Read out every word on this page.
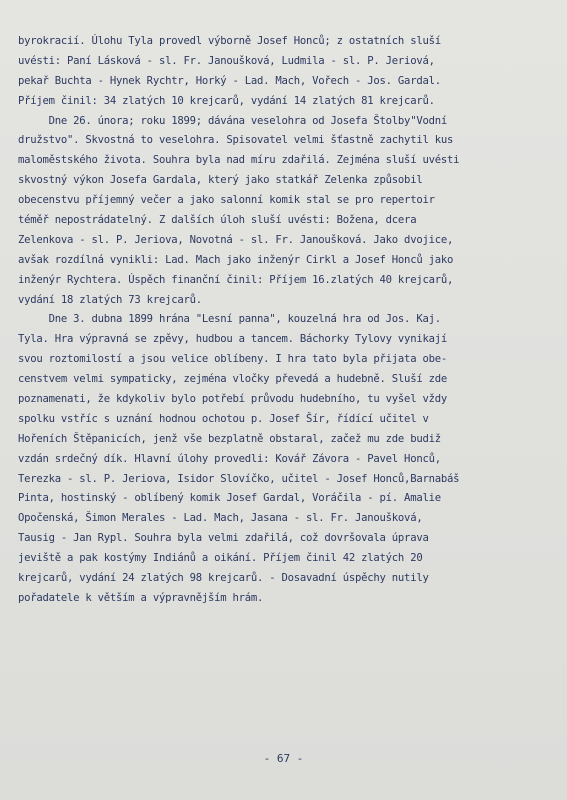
byrokracií. Úlohu Tyla provedl výborně Josef Honců; z ostatních sluší
uvésti: Paní Lásková - sl. Fr. Janoušková, Ludmila - sl. P. Jeriová,
pekař Buchta - Hynek Rychtr, Horký - Lad. Mach, Vořech - Jos. Gardal.
Příjem činil: 34 zlatých 10 krejcarů, vydání 14 zlatých 81 krejcarů.
Dne 26. února; roku 1899; dávána veselohra od Josefa Štolby"Vodní
družstvo". Skvostná to veselohra. Spisovatel velmi šťastně zachytil kus
maloměstského života. Souhra byla nad míru zdařilá. Zejména sluší uvésti
skvostný výkon Josefa Gardala, který jako statkář Zelenka způsobil
obecenstvu příjemný večer a jako salonní komik stal se pro repertoir
téměř nepostrádatelný. Z dalších úloh sluší uvésti: Božena, dcera
Zelenkova - sl. P. Jeriova, Novotná - sl. Fr. Janoušková. Jako dvojice,
avšak rozdílná vynikli: Lad. Mach jako inženýr Cirkl a Josef Honců jako
inženýr Rychtera. Úspěch finanční činil: Příjem 16.zlatých 40 krejcarů,
vydání 18 zlatých 73 krejcarů.
Dne 3. dubna 1899 hrána "Lesní panna", kouzelná hra od Jos. Kaj.
Tyla. Hra výpravná se zpěvy, hudbou a tancem. Báchorky Tylovy vynikají
svou roztomilostí a jsou velice oblíbeny. I hra tato byla přijata obe-
censtvem velmi sympaticky, zejména vločky převedá a hudebně. Sluší zde
poznamenati, že kdykoliv bylo potřebí průvodu hudebního, tu vyšel vždy
spolku vstříc s uznání hodnou ochotou p. Josef Šír, řídící učitel v
Hořeních Štěpanicích, jenž vše bezplatně obstaral, začež mu zde budiž
vzdán srdečný dík. Hlavní úlohy provedli: Kovář Závora - Pavel Honců,
Terezka - sl. P. Jeriova, Isidor Slovíčko, učitel - Josef Honců,Barnabáš
Pinta, hostinský - oblíbený komik Josef Gardal, Voráčila - pí. Amalie
Opočenská, Šimon Merales - Lad. Mach, Jasana - sl. Fr. Janoušková,
Tausig - Jan Rypl. Souhra byla velmi zdařilá, což dovršovala úprava
jeviště a pak kostýmy Indiánů a oikání. Příjem činil 42 zlatých 20
krejcarů, vydání 24 zlatých 98 krejcarů. - Dosavadní úspěchy nutily
pořadatele k větším a výpravnějším hrám.
- 67 -
